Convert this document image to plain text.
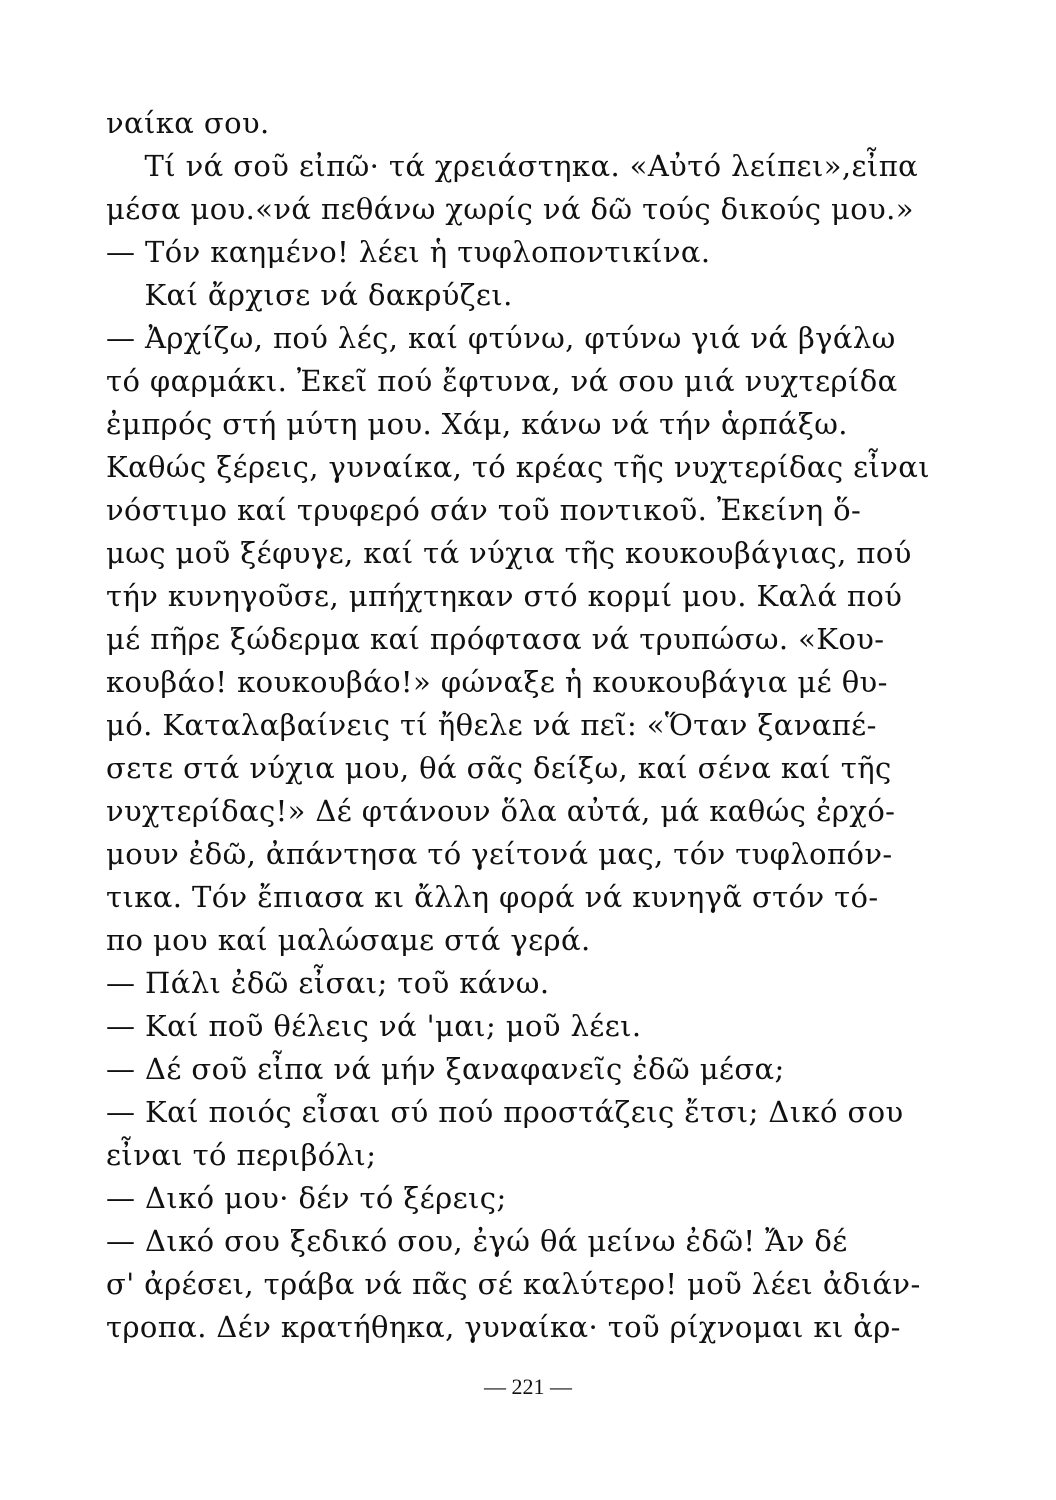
ναίκα σου.
Τί νά σοῦ εἰπῶ· τά χρειάστηκα. «Αὐτό λείπει»,εἶπα
μέσα μου.«νά πεθάνω χωρίς νά δῶ τούς δικούς μου.»
— Τόν καημένο! λέει ἡ τυφλοποντικίνα.
Καί ἄρχισε νά δακρύζει.
— Ἀρχίζω, πού λές, καί φτύνω, φτύνω γιά νά βγάλω
τό φαρμάκι. Ἐκεῖ πού ἔφτυνα, νά σου μιά νυχτερίδα
ἐμπρός στή μύτη μου. Χάμ, κάνω νά τήν ἁρπάξω.
Καθώς ξέρεις, γυναίκα, τό κρέας τῆς νυχτερίδας εἶναι
νόστιμο καί τρυφερό σάν τοῦ ποντικοῦ. Ἐκείνη ὅ-
μως μοῦ ξέφυγε, καί τά νύχια τῆς κουκουβάγιας, πού
τήν κυνηγοῦσε, μπήχτηκαν στό κορμί μου. Καλά πού
μέ πῆρε ξώδερμα καί πρόφτασα νά τρυπώσω. «Κου-
κουβάο! κουκουβάο!» φώναξε ἡ κουκουβάγια μέ θυ-
μό. Καταλαβαίνεις τί ἤθελε νά πεῖ: «Ὅταν ξαναπέ-
σετε στά νύχια μου, θά σᾶς δείξω, καί σένα καί τῆς
νυχτερίδας!» Δέ φτάνουν ὅλα αὐτά, μά καθώς ἐρχό-
μουν ἐδῶ, ἀπάντησα τό γείτονά μας, τόν τυφλοπόν-
τικα. Τόν ἔπιασα κι ἄλλη φορά νά κυνηγᾶ στόν τό-
πο μου καί μαλώσαμε στά γερά.
— Πάλι ἐδῶ εἶσαι; τοῦ κάνω.
— Καί ποῦ θέλεις νά 'μαι; μοῦ λέει.
— Δέ σοῦ εἶπα νά μήν ξαναφανεῖς ἐδῶ μέσα;
— Καί ποιός εἶσαι σύ πού προστάζεις ἔτσι; Δικό σου
εἶναι τό περιβόλι;
— Δικό μου· δέν τό ξέρεις;
— Δικό σου ξεδικό σου, ἐγώ θά μείνω ἐδῶ! Ἄν δέ
σ' ἀρέσει, τράβα νά πᾶς σέ καλύτερο! μοῦ λέει ἀδιάν-
τροπα. Δέν κρατήθηκα, γυναίκα· τοῦ ρίχνομαι κι ἀρ-
— 221 —
